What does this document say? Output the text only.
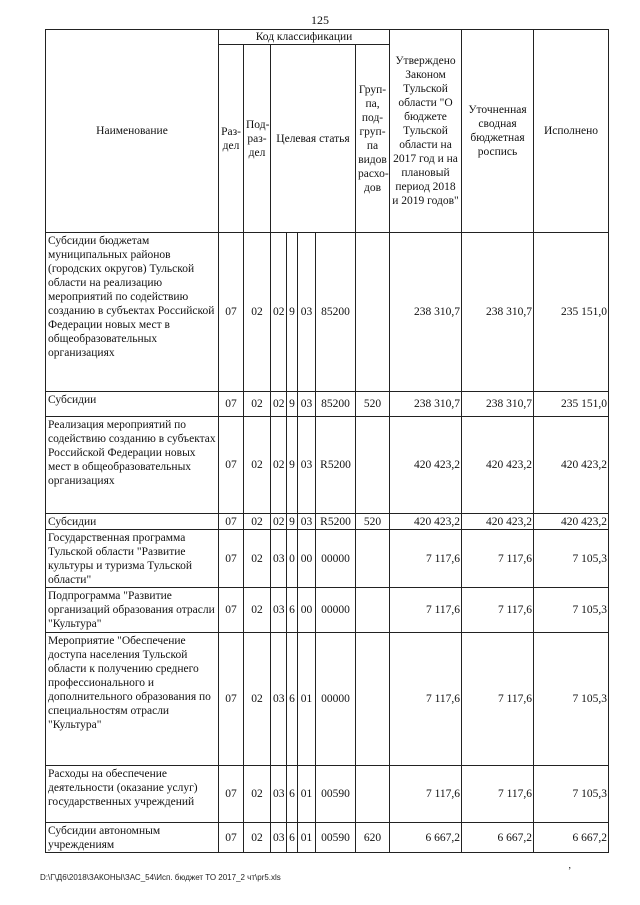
125
Наименование	Код классификации							Утверждено Законом Тульской области "О бюджете Тульской области на 2017 год и на плановый период 2018 и 2019 годов"	Уточненная сводная бюджетная роспись	Исполнено
	Раз-дел	Под-раз-дел	Целевая статья				Груп-па, под-груп-па видов расхо-дов			
Субсидии бюджетам муниципальных районов (городских округов) Тульской области на реализацию мероприятий по содействию созданию в субъектах Российской Федерации новых мест в общеобразовательных организациях	07	02	02	9	03	85200		238 310,7	238 310,7	235 151,0
Субсидии	07	02	02	9	03	85200	520	238 310,7	238 310,7	235 151,0
Реализация мероприятий по содействию созданию в субъектах Российской Федерации новых мест в общеобразовательных организациях	07	02	02	9	03	R5200		420 423,2	420 423,2	420 423,2
Субсидии	07	02	02	9	03	R5200	520	420 423,2	420 423,2	420 423,2
Государственная программа Тульской области "Развитие культуры и туризма Тульской области"	07	02	03	0	00	00000		7 117,6	7 117,6	7 105,3
Подпрограмма "Развитие организаций образования отрасли "Культура"	07	02	03	6	00	00000		7 117,6	7 117,6	7 105,3
Мероприятие "Обеспечение доступа населения Тульской области к получению среднего профессионального и дополнительного образования по специальностям отрасли "Культура"	07	02	03	6	01	00000		7 117,6	7 117,6	7 105,3
Расходы на обеспечение деятельности (оказание услуг) государственных учреждений	07	02	03	6	01	00590		7 117,6	7 117,6	7 105,3
Субсидии автономным учреждениям	07	02	03	6	01	00590	620	6 667,2	6 667,2	6 667,2
ʼ
D:\Г\Д6\2018\ЗАКОНЫ\ЗАС_54\Исп. бюджет ТО 2017_2 чт\pr5.xls
